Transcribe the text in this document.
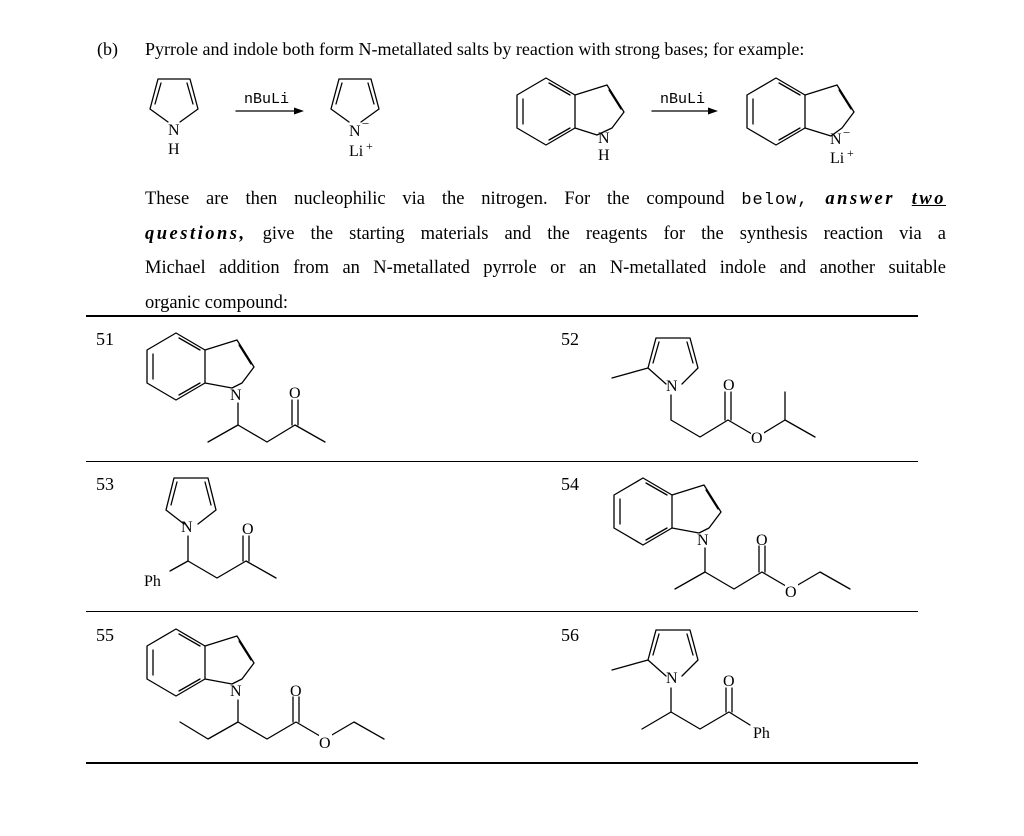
(b) Pyrrole and indole both form N-metallated salts by reaction with strong bases; for example:
These are then nucleophilic via the nitrogen. For the compound below, answer two
questions, give the starting materials and the reagents for the synthesis reaction via a
Michael addition from an N-metallated pyrrole or an N-metallated indole and another suitable
organic compound:
51	52
53	54
55	56
N
H
nBuLi
N −
Li +	N
H
nBuLi
N −
Li +
N	O	N	O
O
N
Ph
O
N	O
O
N	O
O
N	O
Ph
